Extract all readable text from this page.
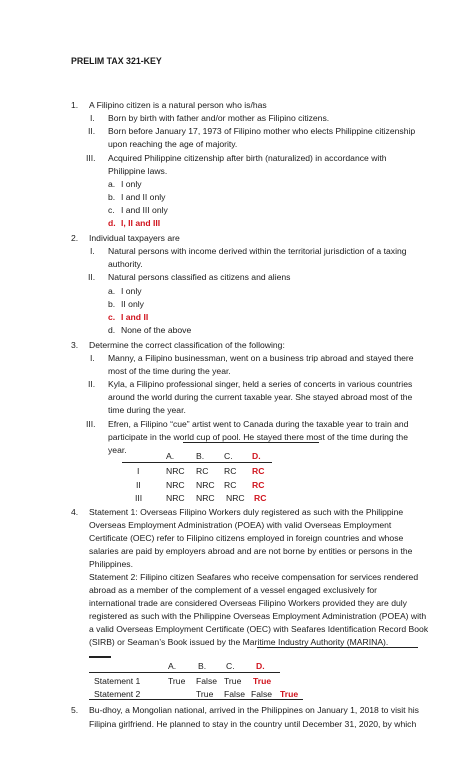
PRELIM TAX 321-KEY
1. A Filipino citizen is a natural person who is/has
I. Born by birth with father and/or mother as Filipino citizens.
II. Born before January 17, 1973 of Filipino mother who elects Philippine citizenship
upon reaching the age of majority.
III. Acquired Philippine citizenship after birth (naturalized) in accordance with
Philippine laws.
a. I only
b. I and II only
c. I and III only
d. I, II and III
2. Individual taxpayers are
I. Natural persons with income derived within the territorial jurisdiction of a taxing
authority.
II. Natural persons classified as citizens and aliens
a. I only
b. II only
c. I and II
d. None of the above
3. Determine the correct classification of the following:
I. Manny, a Filipino businessman, went on a business trip abroad and stayed there
most of the time during the year.
II. Kyla, a Filipino professional singer, held a series of concerts in various countries
around the world during the current taxable year. She stayed abroad most of the
time during the year.
III. Efren, a Filipino “cue” artist went to Canada during the taxable year to train and
participate in the world cup of pool. He stayed there most of the time during the
year.
A.	B. C. D.
I	NRC RC RC RC
II	NRC NRC RC RC
III	NRC NRC NRC RC
4. Statement 1: Overseas Filipino Workers duly registered as such with the Philippine
Overseas Employment Administration (POEA) with valid Overseas Employment
Certificate (OEC) refer to Filipino citizens employed in foreign countries and whose
salaries are paid by employers abroad and are not borne by entities or persons in the
Philippines.
Statement 2: Filipino citizen Seafares who receive compensation for services rendered
abroad as a member of the complement of a vessel engaged exclusively for
international trade are considered Overseas Filipino Workers provided they are duly
registered as such with the Philippine Overseas Employment Administration (POEA) with
a valid Overseas Employment Certificate (OEC) with Seafares Identification Record Book
(SIRB) or Seaman’s Book issued by the Maritime Industry Authority (MARINA).
A.	B. C. D.
Statement 1	True False True True
Statement 2	True False False True
5. Bu-dhoy, a Mongolian national, arrived in the Philippines on January 1, 2018 to visit his
Filipina girlfriend. He planned to stay in the country until December 31, 2020, by which
